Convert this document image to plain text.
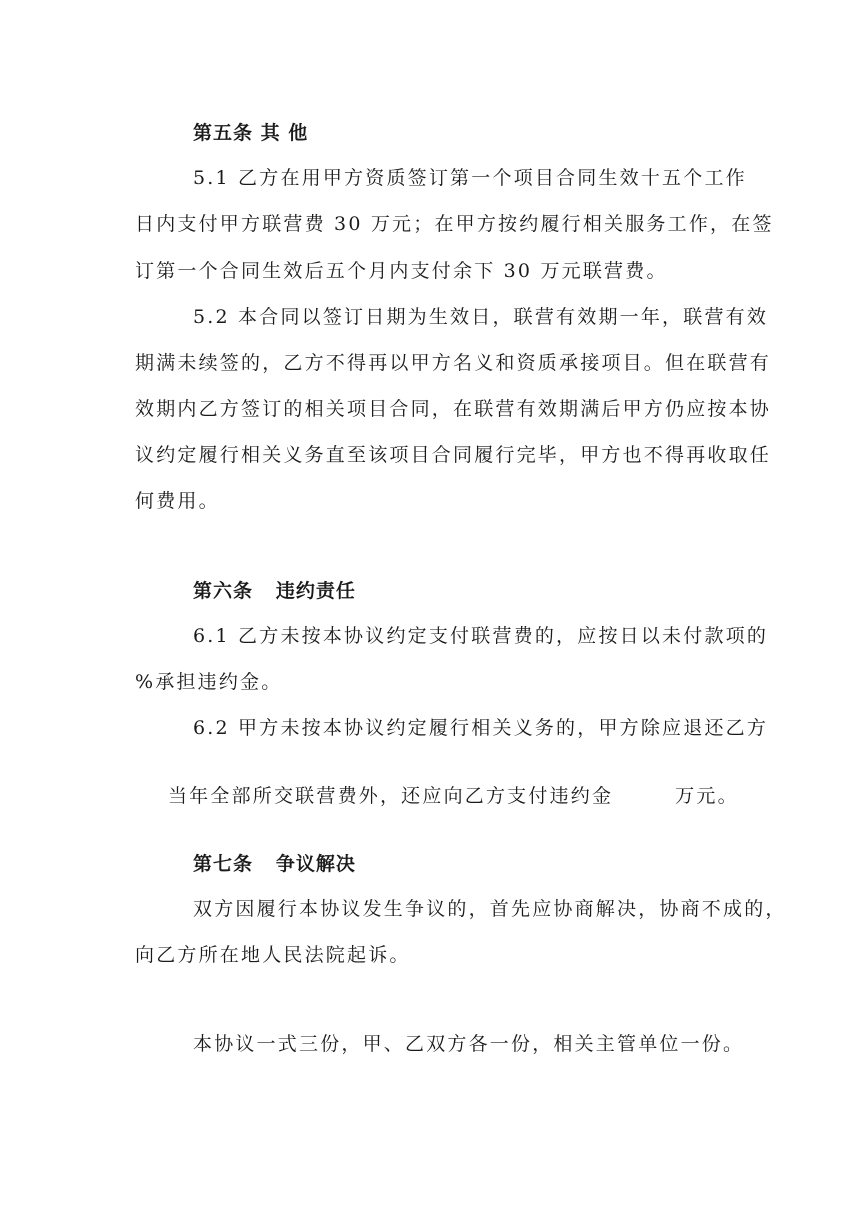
第五条 其 他
5.1 乙方在用甲方资质签订第一个项目合同生效十五个工作
日内支付甲方联营费 30 万元；在甲方按约履行相关服务工作，在签
订第一个合同生效后五个月内支付余下 30 万元联营费。
5.2 本合同以签订日期为生效日，联营有效期一年，联营有效
期满未续签的，乙方不得再以甲方名义和资质承接项目。但在联营有
效期内乙方签订的相关项目合同，在联营有效期满后甲方仍应按本协
议约定履行相关义务直至该项目合同履行完毕，甲方也不得再收取任
何费用。
第六条   违约责任
6.1 乙方未按本协议约定支付联营费的，应按日以未付款项的
%承担违约金。
6.2 甲方未按本协议约定履行相关义务的，甲方除应退还乙方

当年全部所交联营费外，还应向乙方支付违约金	万元。

第七条   争议解决
双方因履行本协议发生争议的，首先应协商解决，协商不成的，
向乙方所在地人民法院起诉。
本协议一式三份，甲、乙双方各一份，相关主管单位一份。
